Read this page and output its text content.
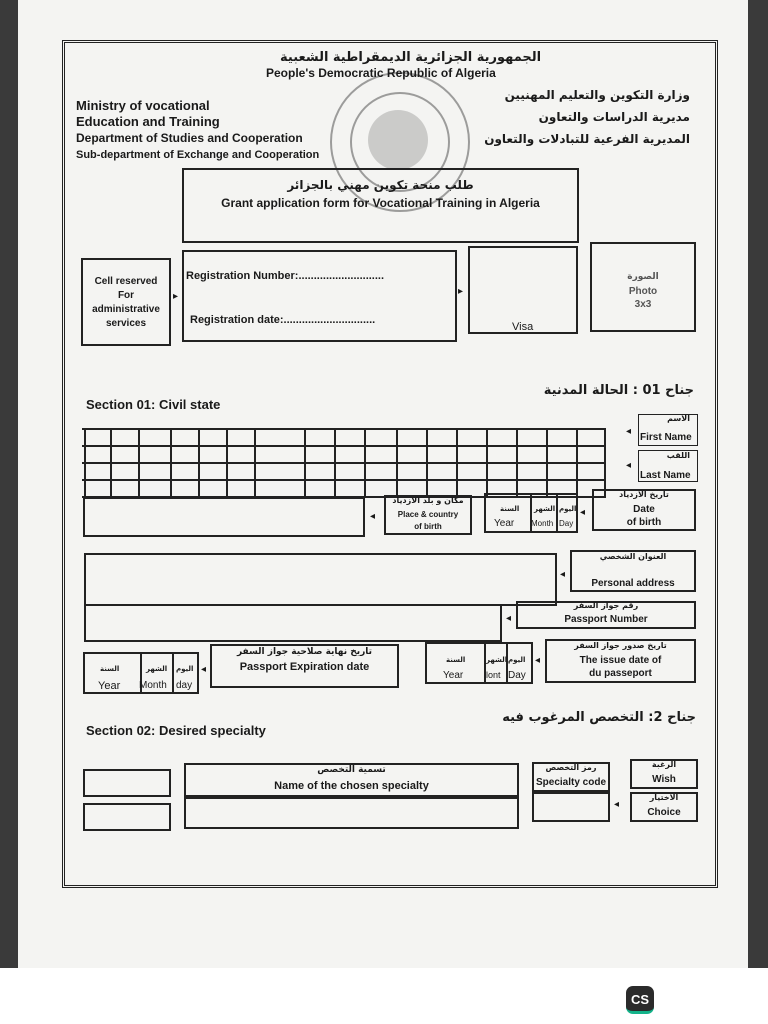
الجمهورية الجزائرية الديمقراطية الشعبية
People's Democratic Republic of Algeria
Ministry of vocational
Education and Training
Department of Studies and Cooperation
Sub-department of Exchange and Cooperation
وزارة التكوين والتعليم المهنيين
مديرية الدراسات والتعاون
المديرية الفرعية للتبادلات والتعاون
طلب منحة تكوين مهني بالجزائر
Grant application form for Vocational Training in Algeria
Cell reserved
For
administrative
services
▸
Registration Number:............................
Registration date:..............................
▸
Visa
الصورة
Photo
3x3
Section 01: Civil state
جناح 01 : الحالة المدنية
◂
◂
الاسم
First Name
اللقب
Last Name
◂
مكان و بلد الازدياد
Place & country
of birth
السنة الشهر اليوم
Year Month Day
◂
تاريخ الازدياد
Date
of birth
◂
العنوان الشخصي
Personal address
◂
رقم جواز السفر
Passport Number
السنة	الشهر اليوم
Year Month day
◂
تاريخ نهاية صلاحية جواز السفر
Passport Expiration date
السنة	الشهر اليوم
Year	lont Day
◂
تاريخ صدور جواز السفر
The issue date of
du passeport
Section 02: Desired specialty
جناح 2: التخصص المرغوب فيه
تسمية التخصص
Name of the chosen specialty
رمز التخصص
Specialty code
◂
الرغبة
Wish
الاختيار
Choice
CS
